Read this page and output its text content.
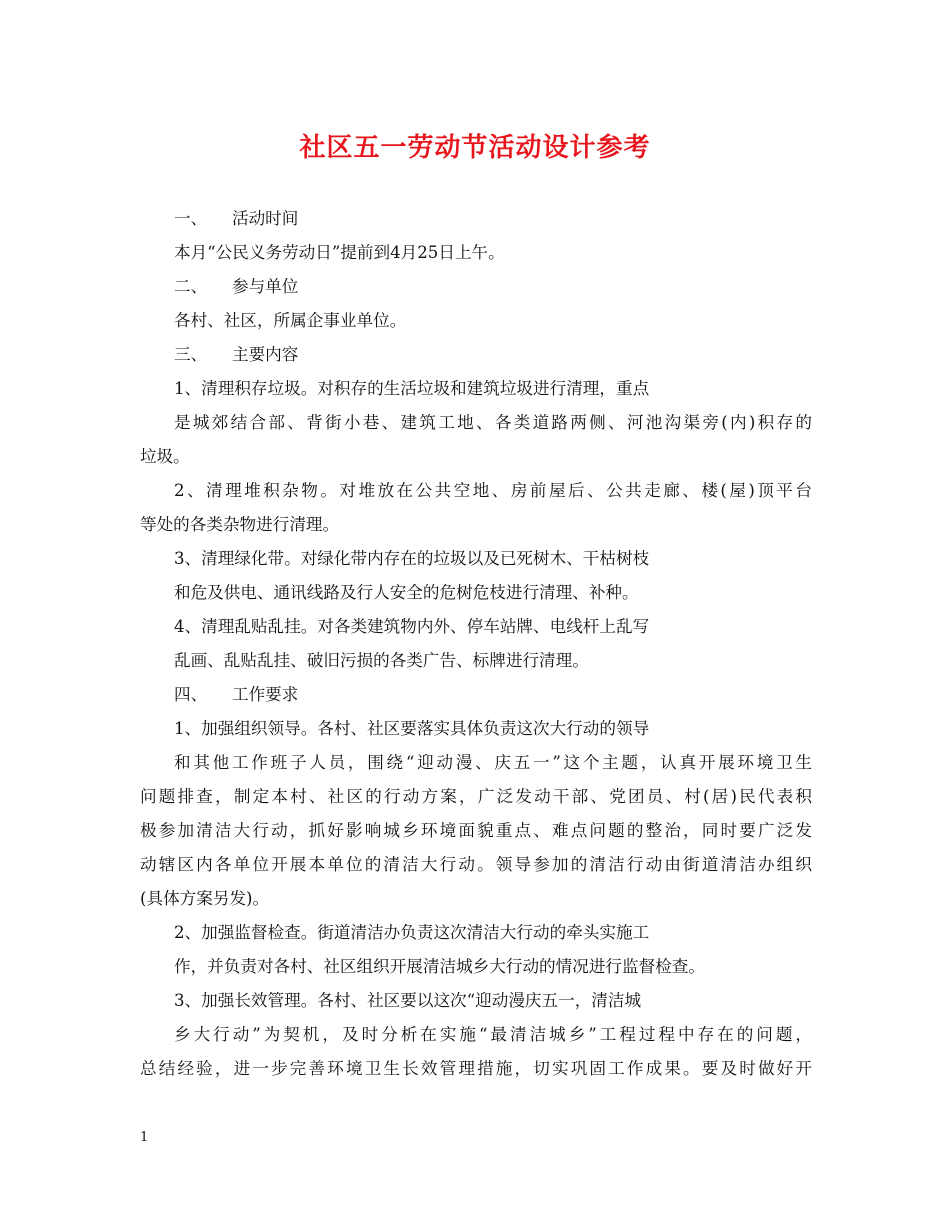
社区五一劳动节活动设计参考
一、 活动时间
本月“公民义务劳动日”提前到4月25日上午。
二、 参与单位
各村、社区，所属企事业单位。
三、 主要内容
1、清理积存垃圾。对积存的生活垃圾和建筑垃圾进行清理，重点
是城郊结合部、背街小巷、建筑工地、各类道路两侧、河池沟渠旁(内)积存的
垃圾。
2、清理堆积杂物。对堆放在公共空地、房前屋后、公共走廊、楼(屋)顶平台
等处的各类杂物进行清理。
3、清理绿化带。对绿化带内存在的垃圾以及已死树木、干枯树枝
和危及供电、通讯线路及行人安全的危树危枝进行清理、补种。
4、清理乱贴乱挂。对各类建筑物内外、停车站牌、电线杆上乱写
乱画、乱贴乱挂、破旧污损的各类广告、标牌进行清理。
四、 工作要求
1、加强组织领导。各村、社区要落实具体负责这次大行动的领导
和其他工作班子人员，围绕“迎动漫、庆五一”这个主题，认真开展环境卫生
问题排查，制定本村、社区的行动方案，广泛发动干部、党团员、村(居)民代表积
极参加清洁大行动，抓好影响城乡环境面貌重点、难点问题的整治，同时要广泛发
动辖区内各单位开展本单位的清洁大行动。领导参加的清洁行动由街道清洁办组织
(具体方案另发)。
2、加强监督检查。街道清洁办负责这次清洁大行动的牵头实施工
作，并负责对各村、社区组织开展清洁城乡大行动的情况进行监督检查。
3、加强长效管理。各村、社区要以这次“迎动漫庆五一，清洁城
乡大行动”为契机，及时分析在实施“最清洁城乡”工程过程中存在的问题，
总结经验，进一步完善环境卫生长效管理措施，切实巩固工作成果。要及时做好开
1
